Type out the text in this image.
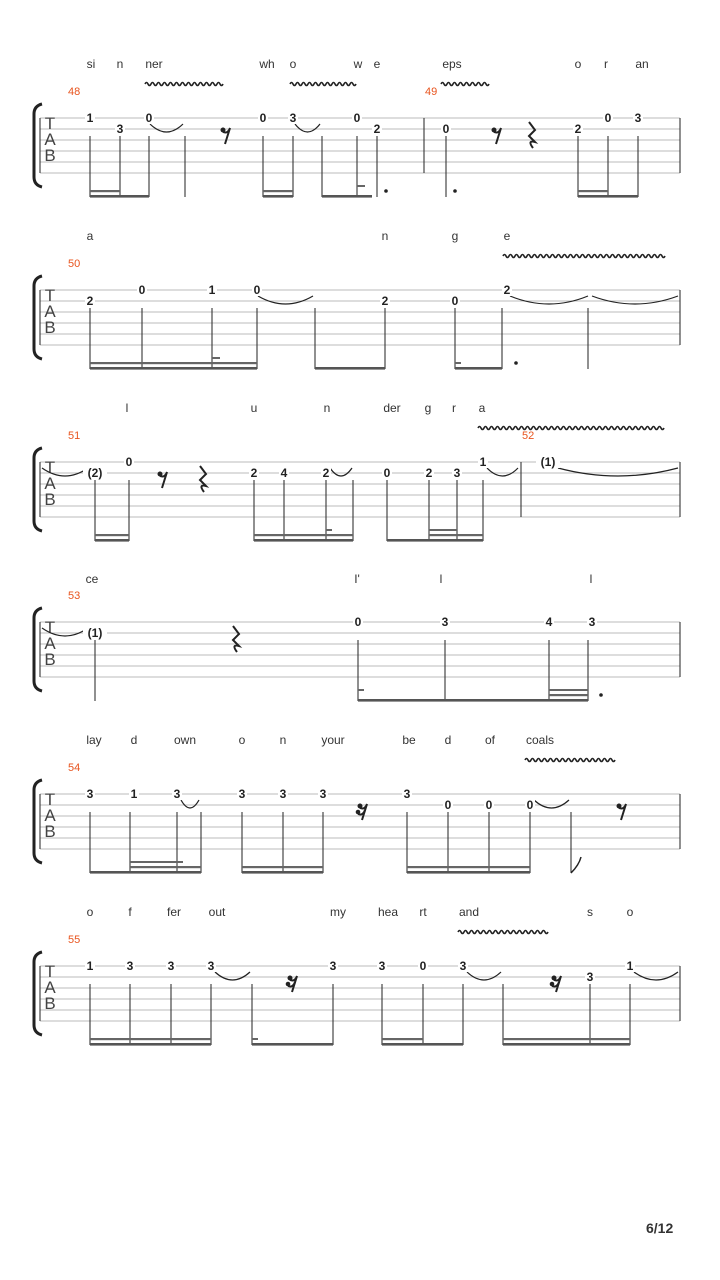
si n ner	wh o	w e	eps	o r an
T
A
B
48	49
1
3
0	0 3	0
2	0	2
0 3
a	n	g	e
T
A
B
50
2
0	1	0
2	0
2
l	u	n	der g r a
T
A
B
51	52
(2)
0
2 4	2	0	2 3
1	(1)
ce	I'	l	l
T
A
B
53
(1)
0	3	4	3
lay d	own	o	n	your	be d	of	coals
T
A
B
54
3	1	3	3	3	3	3
0	0	0
o	f	fer out	my	hea rt	and	s	o
T
A
B
55
1	3	3	3	3	3	0	3
3
1
6/12
